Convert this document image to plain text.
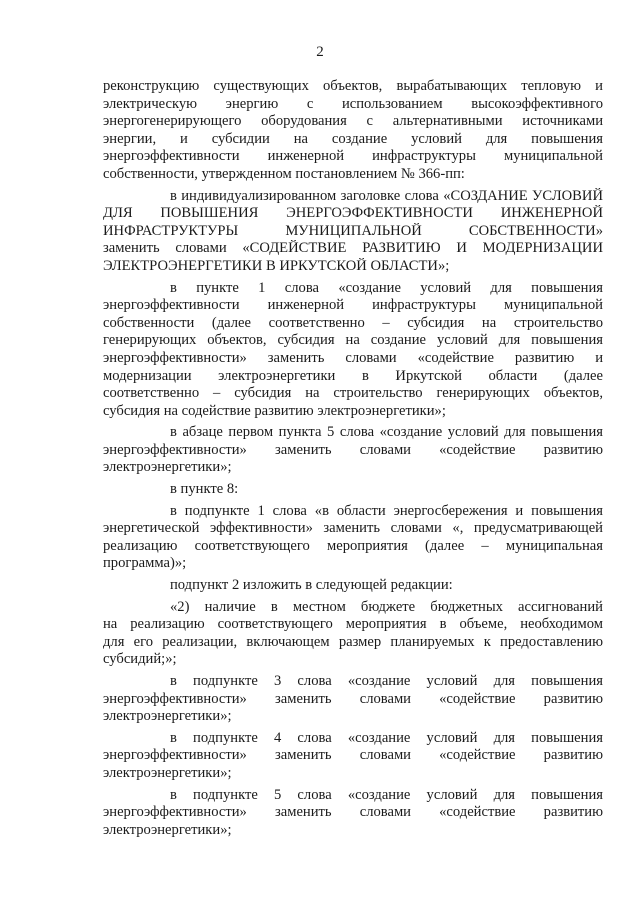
2
реконструкцию существующих объектов, вырабатывающих тепловую и
электрическую энергию с использованием высокоэффективного
энергогенерирующего оборудования с альтернативными источниками
энергии, и субсидии на создание условий для повышения
энергоэффективности инженерной инфраструктуры муниципальной
собственности, утвержденном постановлением № 366-пп:
в индивидуализированном заголовке слова «СОЗДАНИЕ УСЛОВИЙ
ДЛЯ ПОВЫШЕНИЯ ЭНЕРГОЭФФЕКТИВНОСТИ ИНЖЕНЕРНОЙ
ИНФРАСТРУКТУРЫ МУНИЦИПАЛЬНОЙ СОБСТВЕННОСТИ»
заменить словами «СОДЕЙСТВИЕ РАЗВИТИЮ И МОДЕРНИЗАЦИИ
ЭЛЕКТРОЭНЕРГЕТИКИ В ИРКУТСКОЙ ОБЛАСТИ»;
в пункте 1 слова «создание условий для повышения
энергоэффективности инженерной инфраструктуры муниципальной
собственности (далее соответственно – субсидия на строительство
генерирующих объектов, субсидия на создание условий для повышения
энергоэффективности» заменить словами «содействие развитию и
модернизации электроэнергетики в Иркутской области (далее
соответственно – субсидия на строительство генерирующих объектов,
субсидия на содействие развитию электроэнергетики»;
в абзаце первом пункта 5 слова «создание условий для повышения
энергоэффективности» заменить словами «содействие развитию
электроэнергетики»;
в пункте 8:
в подпункте 1 слова «в области энергосбережения и повышения
энергетической эффективности» заменить словами «, предусматривающей
реализацию соответствующего мероприятия (далее – муниципальная
программа)»;
подпункт 2 изложить в следующей редакции:
«2) наличие в местном бюджете бюджетных ассигнований
на реализацию соответствующего мероприятия в объеме, необходимом
для его реализации, включающем размер планируемых к предоставлению
субсидий;»;
в подпункте 3 слова «создание условий для повышения
энергоэффективности» заменить словами «содействие развитию
электроэнергетики»;
в подпункте 4 слова «создание условий для повышения
энергоэффективности» заменить словами «содействие развитию
электроэнергетики»;
в подпункте 5 слова «создание условий для повышения
энергоэффективности» заменить словами «содействие развитию
электроэнергетики»;
